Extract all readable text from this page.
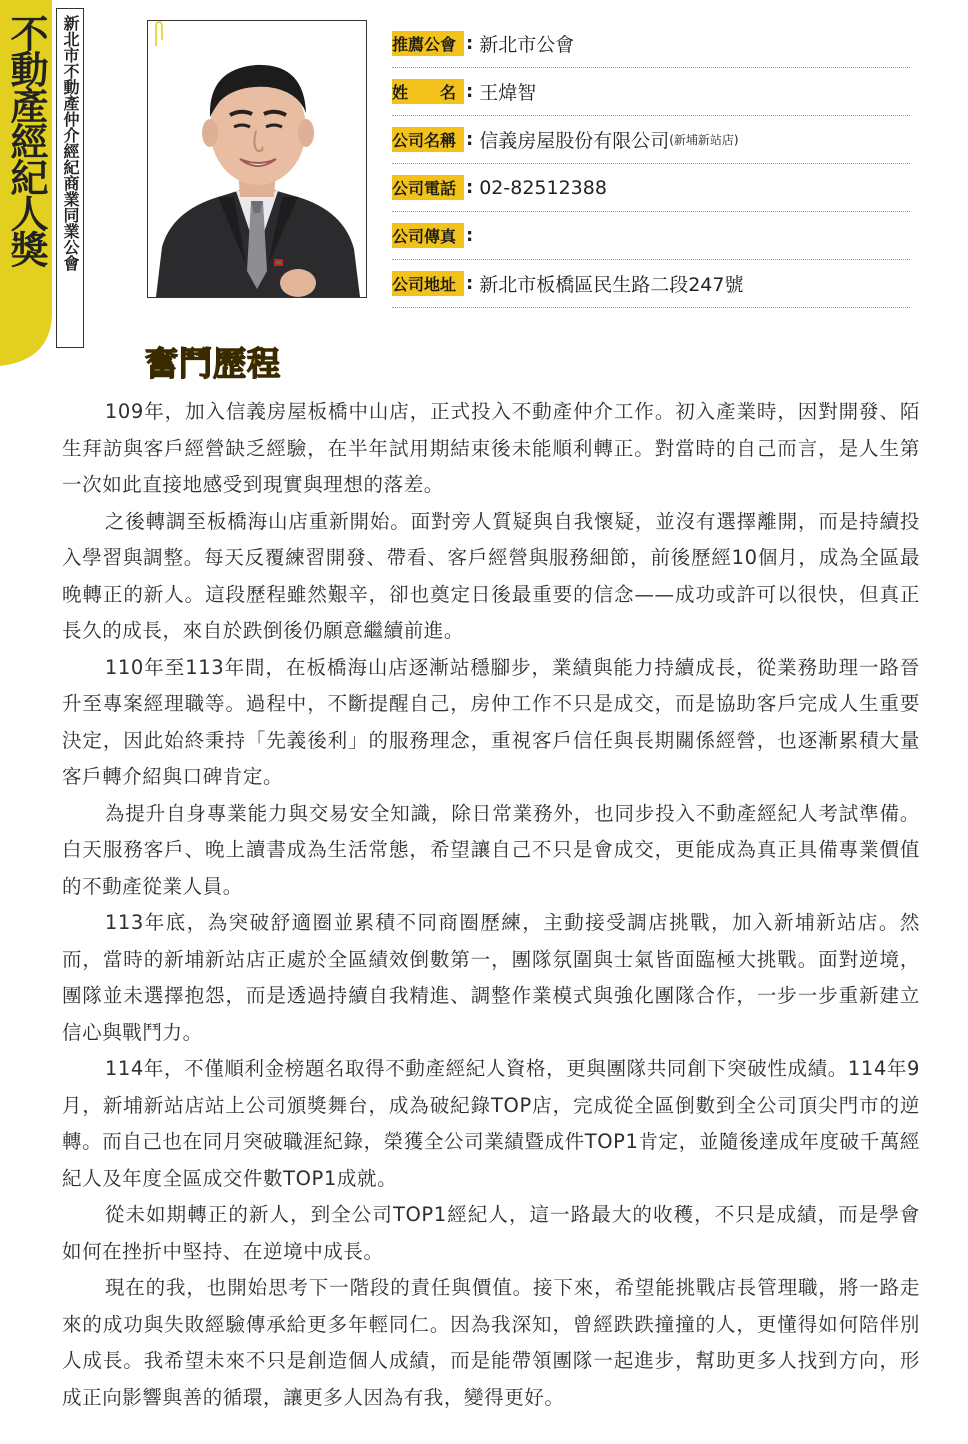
不動產經紀人獎 新北市不動產仲介經紀商業同業公會	推薦公會 : 新北市公會
姓　　名 : 王煒智
公司名稱 : 信義房屋股份有限公司 (新埔新站店)
公司電話 : 02-82512388
公司傳真 :
公司地址 : 新北市板橋區民生路二段247號
奮鬥歷程

109年，加入信義房屋板橋中山店，正式投入不動產仲介工作。初入產業時，因對開發、陌生拜訪與客戶經營缺乏經驗，在半年試用期結束後未能順利轉正。對當時的自己而言，是人生第一次如此直接地感受到現實與理想的落差。

之後轉調至板橋海山店重新開始。面對旁人質疑與自我懷疑，並沒有選擇離開，而是持續投入學習與調整。每天反覆練習開發、帶看、客戶經營與服務細節，前後歷經10個月，成為全區最晚轉正的新人。這段歷程雖然艱辛，卻也奠定日後最重要的信念——成功或許可以很快，但真正長久的成長，來自於跌倒後仍願意繼續前進。

110年至113年間，在板橋海山店逐漸站穩腳步，業績與能力持續成長，從業務助理一路晉升至專案經理職等。過程中，不斷提醒自己，房仲工作不只是成交，而是協助客戶完成人生重要決定，因此始終秉持「先義後利」的服務理念，重視客戶信任與長期關係經營，也逐漸累積大量客戶轉介紹與口碑肯定。

為提升自身專業能力與交易安全知識，除日常業務外，也同步投入不動產經紀人考試準備。白天服務客戶、晚上讀書成為生活常態，希望讓自己不只是會成交，更能成為真正具備專業價值的不動產從業人員。

113年底，為突破舒適圈並累積不同商圈歷練，主動接受調店挑戰，加入新埔新站店。然而，當時的新埔新站店正處於全區績效倒數第一，團隊氛圍與士氣皆面臨極大挑戰。面對逆境，團隊並未選擇抱怨，而是透過持續自我精進、調整作業模式與強化團隊合作，一步一步重新建立信心與戰鬥力。

114年，不僅順利金榜題名取得不動產經紀人資格，更與團隊共同創下突破性成績。114年9月，新埔新站店站上公司頒獎舞台，成為破紀錄TOP店，完成從全區倒數到全公司頂尖門市的逆轉。而自己也在同月突破職涯紀錄，榮獲全公司業績暨成件TOP1肯定，並隨後達成年度破千萬經紀人及年度全區成交件數TOP1成就。

從未如期轉正的新人，到全公司TOP1經紀人，這一路最大的收穫，不只是成績，而是學會如何在挫折中堅持、在逆境中成長。

現在的我，也開始思考下一階段的責任與價值。接下來，希望能挑戰店長管理職，將一路走來的成功與失敗經驗傳承給更多年輕同仁。因為我深知，曾經跌跌撞撞的人，更懂得如何陪伴別人成長。我希望未來不只是創造個人成績，而是能帶領團隊一起進步，幫助更多人找到方向，形成正向影響與善的循環，讓更多人因為有我，變得更好。
